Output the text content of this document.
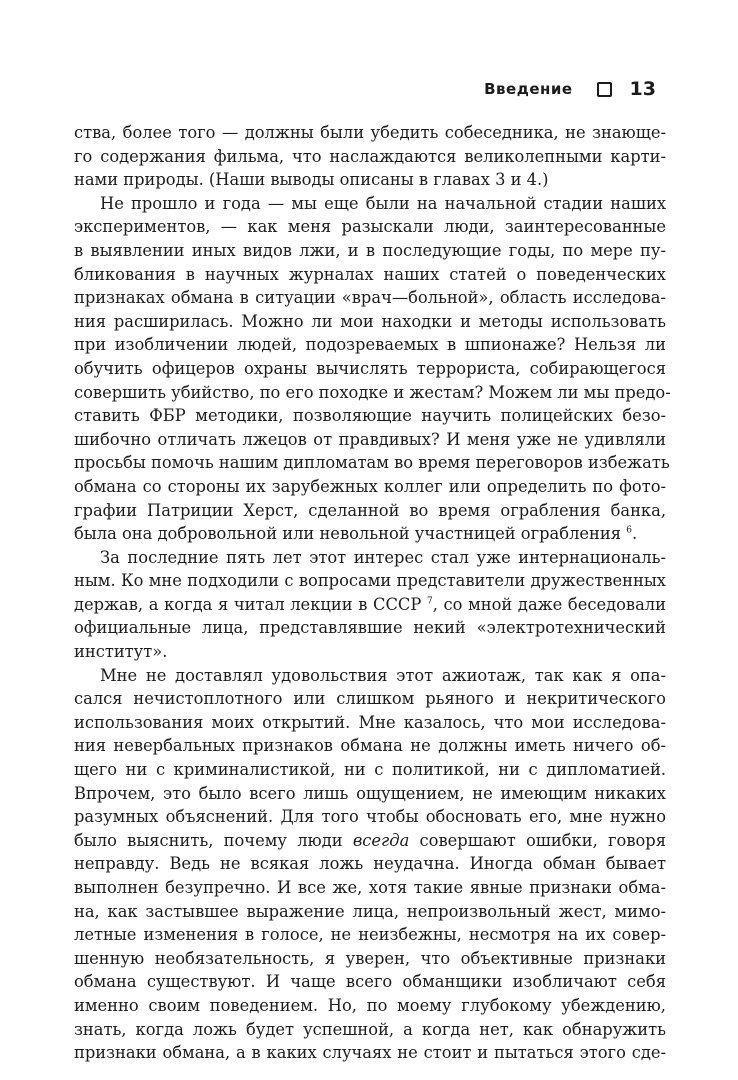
Введение	13
ства, более того — должны были убедить собеседника, не знающе-
го содержания фильма, что наслаждаются великолепными карти-
нами природы. (Наши выводы описаны в главах 3 и 4.)
Не прошло и года — мы еще были на начальной стадии наших
экспериментов, — как меня разыскали люди, заинтересованные
в выявлении иных видов лжи, и в последующие годы, по мере пу-
бликования в научных журналах наших статей о поведенческих
признаках обмана в ситуации «врач—больной», область исследова-
ния расширилась. Можно ли мои находки и методы использовать
при изобличении людей, подозреваемых в шпионаже? Нельзя ли
обучить офицеров охраны вычислять террориста, собирающегося
совершить убийство, по его походке и жестам? Можем ли мы предо-
ставить ФБР методики, позволяющие научить полицейских безо-
шибочно отличать лжецов от правдивых? И меня уже не удивляли
просьбы помочь нашим дипломатам во время переговоров избежать
обмана со стороны их зарубежных коллег или определить по фото-
графии Патриции Херст, сделанной во время ограбления банка,
была она добровольной или невольной участницей ограбления $^6$.
За последние пять лет этот интерес стал уже интернациональ-
ным. Ко мне подходили с вопросами представители дружественных
держав, а когда я читал лекции в СССР $^7$, со мной даже беседовали
официальные лица, представлявшие некий «электротехнический
институт».
Мне не доставлял удовольствия этот ажиотаж, так как я опа-
сался нечистоплотного или слишком рьяного и некритического
использования моих открытий. Мне казалось, что мои исследова-
ния невербальных признаков обмана не должны иметь ничего об-
щего ни с криминалистикой, ни с политикой, ни с дипломатией.
Впрочем, это было всего лишь ощущением, не имеющим никаких
разумных объяснений. Для того чтобы обосновать его, мне нужно
было выяснить, почему люди всегда совершают ошибки, говоря
неправду. Ведь не всякая ложь неудачна. Иногда обман бывает
выполнен безупречно. И все же, хотя такие явные признаки обма-
на, как застывшее выражение лица, непроизвольный жест, мимо-
летные изменения в голосе, не неизбежны, несмотря на их совер-
шенную необязательность, я уверен, что объективные признаки
обмана существуют. И чаще всего обманщики изобличают себя
именно своим поведением. Но, по моему глубокому убеждению,
знать, когда ложь будет успешной, а когда нет, как обнаружить
признаки обмана, а в каких случаях не стоит и пытаться этого сде-
